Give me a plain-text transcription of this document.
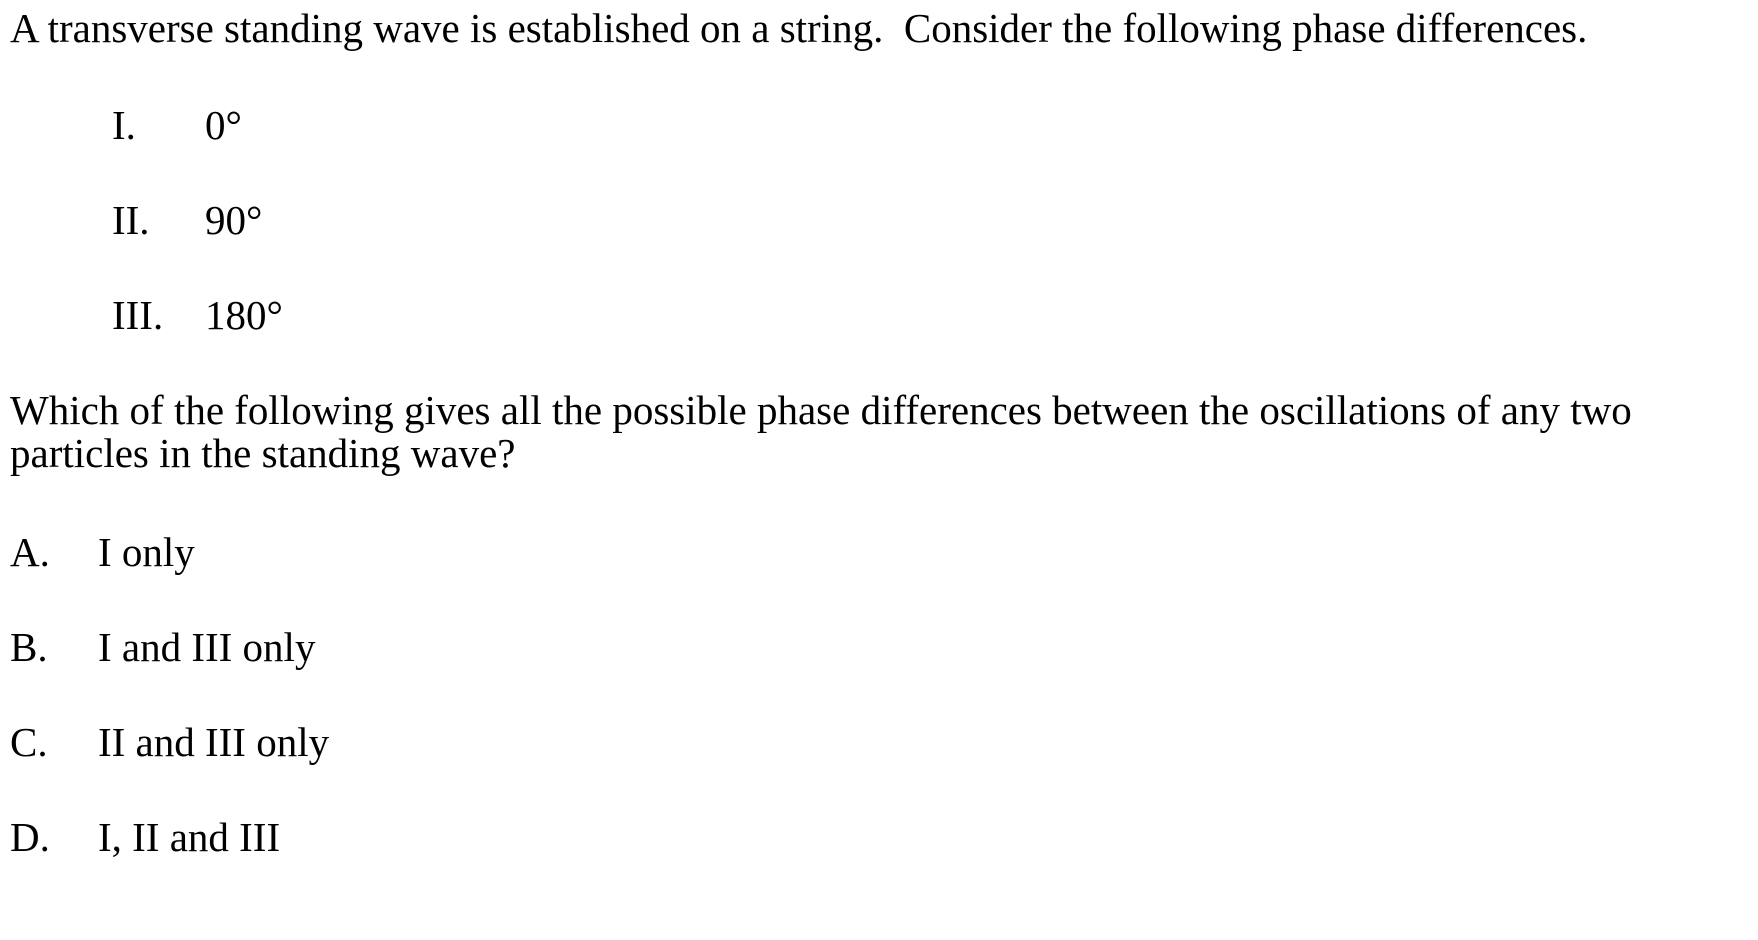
A transverse standing wave is established on a string.  Consider the following phase differences.

I.	0°
II.	90°
III.	180°

Which of the following gives all the possible phase differences between the oscillations of any two particles in the standing wave?

A.	I only
B.	I and III only
C.	II and III only
D.	I, II and III
